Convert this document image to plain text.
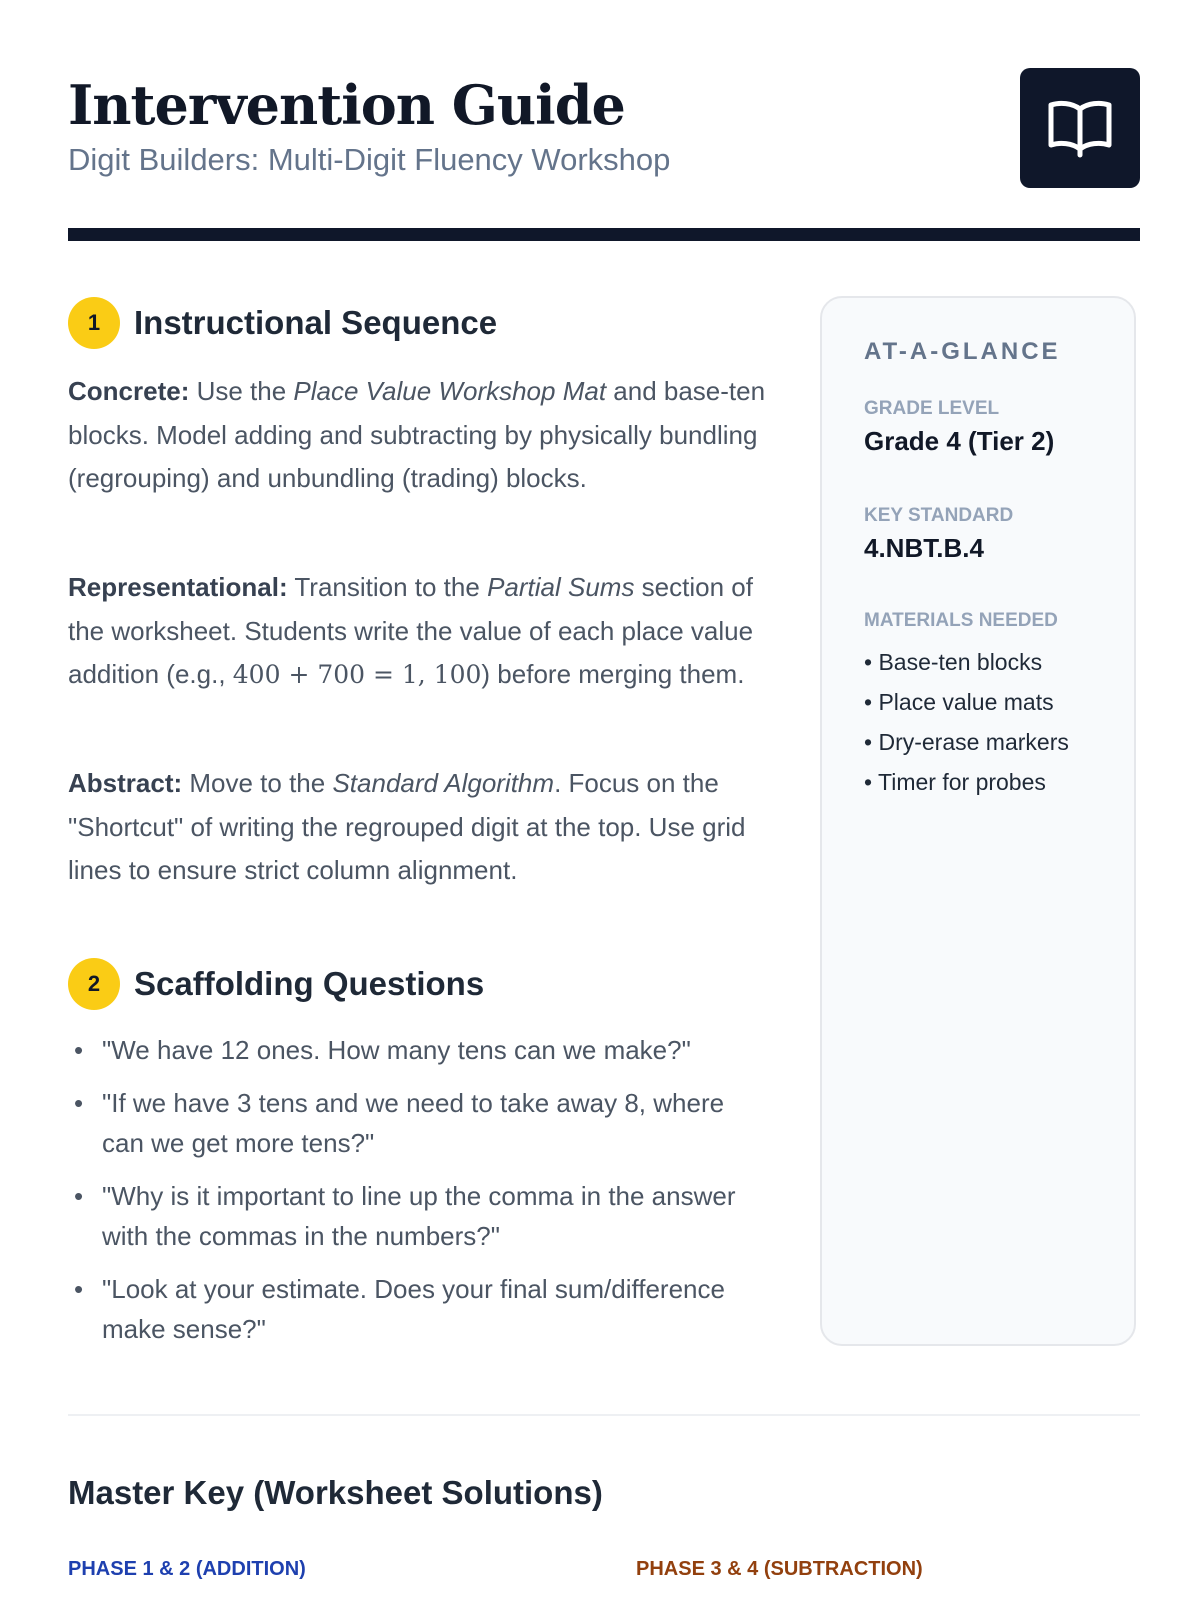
Intervention Guide
Digit Builders: Multi-Digit Fluency Workshop
1	Instructional Sequence

Concrete: Use the Place Value Workshop Mat and base-ten blocks. Model adding and subtracting by physically bundling (regrouping) and unbundling (trading) blocks.

Representational: Transition to the Partial Sums section of the worksheet. Students write the value of each place value addition (e.g., 400 + 700 = 1, 100) before merging them.

Abstract: Move to the Standard Algorithm. Focus on the "Shortcut" of writing the regrouped digit at the top. Use grid lines to ensure strict column alignment.

2	Scaffolding Questions
• "We have 12 ones. How many tens can we make?"
• "If we have 3 tens and we need to take away 8, where can we get more tens?"
• "Why is it important to line up the comma in the answer with the commas in the numbers?"
• "Look at your estimate. Does your final sum/difference make sense?"
AT-A-GLANCE
GRADE LEVEL
Grade 4 (Tier 2)
KEY STANDARD
4.NBT.B.4
MATERIALS NEEDED
• Base-ten blocks
• Place value mats
• Dry-erase markers
• Timer for probes
Master Key (Worksheet Solutions)
PHASE 1 & 2 (ADDITION)	PHASE 3 & 4 (SUBTRACTION)
